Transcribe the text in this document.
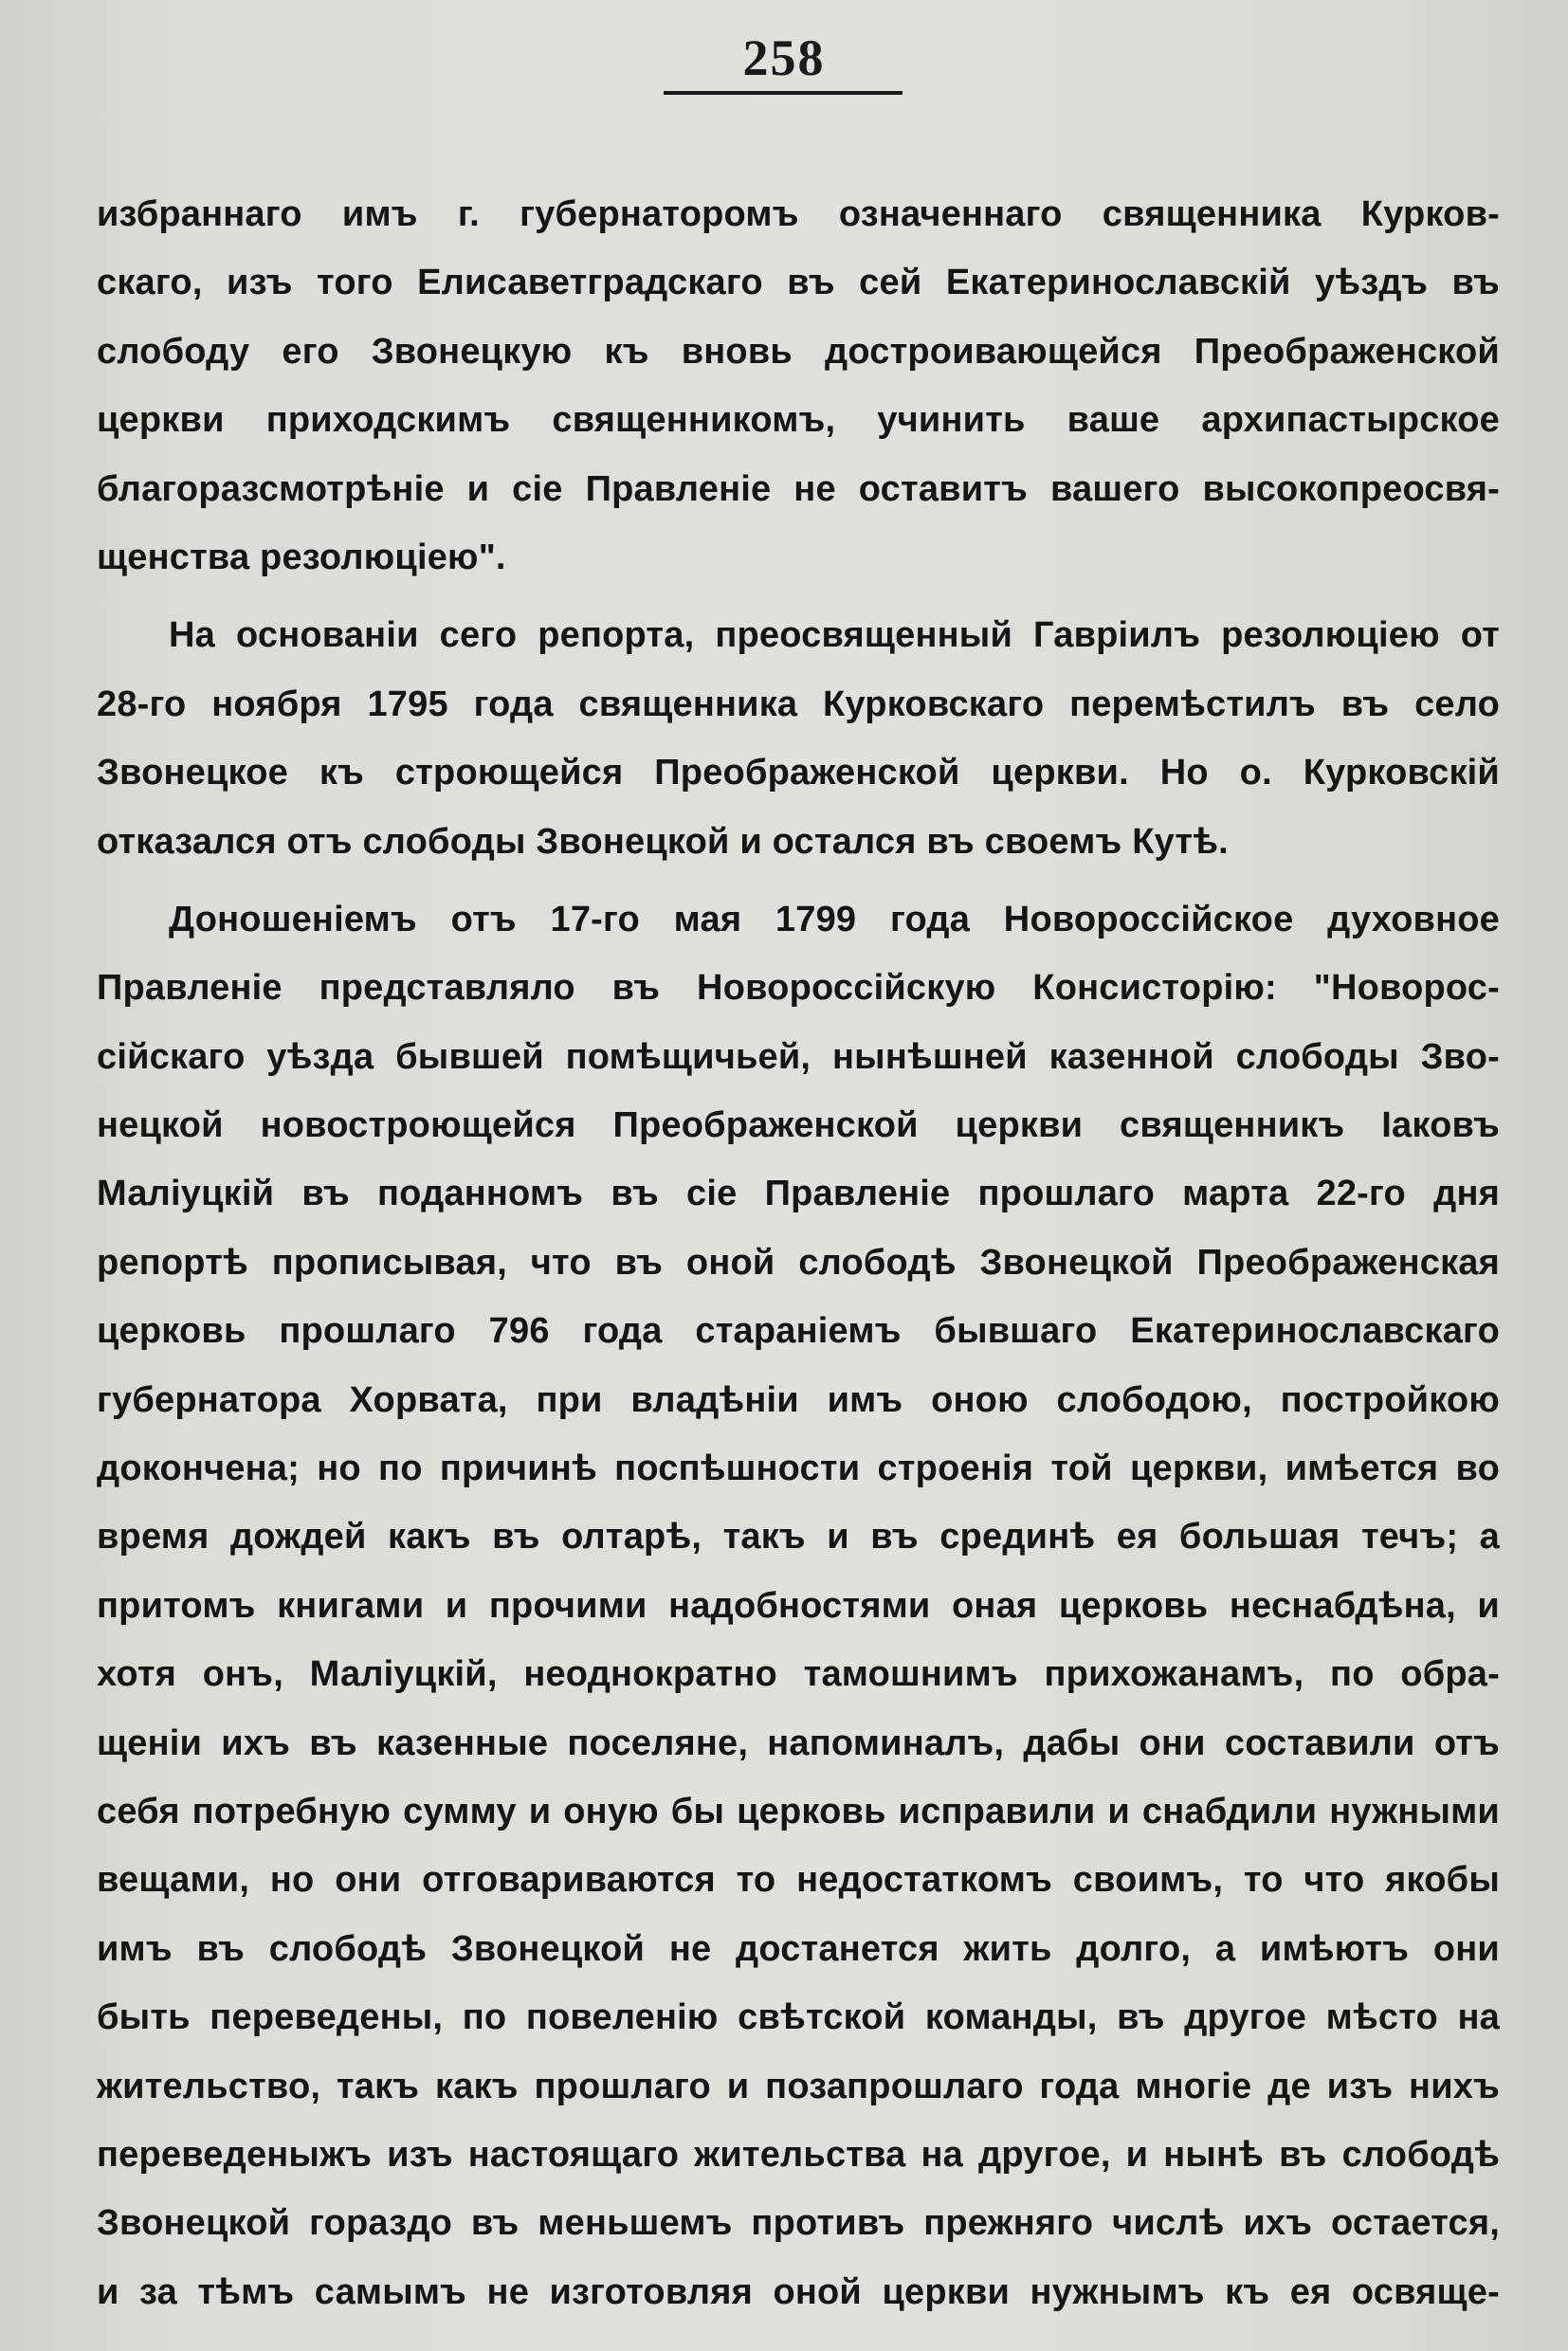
258
избраннаго имъ г. губернаторомъ означеннаго священника Курков-
скаго, изъ того Елисаветградскаго въ сей Екатеринославскій уѣздъ въ
слободу его Звонецкую къ вновь достроивающейся Преображенской
церкви приходскимъ священникомъ, учинить ваше архипастырское
благоразсмотрѣніе и сіе Правленіе не оставитъ вашего высокопреосвя-
щенства резолюціею".
На основаніи сего репорта, преосвященный Гавріилъ резолюціею от
28-го ноября 1795 года священника Курковскаго перемѣстилъ въ село
Звонецкое къ строющейся Преображенской церкви. Но о. Курковскій
отказался отъ слободы Звонецкой и остался въ своемъ Кутѣ.
Доношеніемъ отъ 17-го мая 1799 года Новороссійское духовное
Правленіе представляло въ Новороссійскую Консисторію: "Новорос-
сійскаго уѣзда бывшей помѣщичьей, нынѣшней казенной слободы Зво-
нецкой новостроющейся Преображенской церкви священникъ Іаковъ
Маліуцкій въ поданномъ въ сіе Правленіе прошлаго марта 22-го дня
репортѣ прописывая, что въ оной слободѣ Звонецкой Преображенская
церковь прошлаго 796 года стараніемъ бывшаго Екатеринославскаго
губернатора Хорвата, при владѣніи имъ оною слободою, постройкою
доконченa; но по причинѣ поспѣшности строенія той церкви, имѣется во
время дождей какъ въ олтарѣ, такъ и въ срединѣ ея большая течъ; а
притомъ книгами и прочими надобностями оная церковь неснабдѣна, и
хотя онъ, Маліуцкій, неоднократно тамошнимъ прихожанамъ, по обра-
щеніи ихъ въ казенные поселяне, напоминалъ, дабы они составили отъ
себя потребную сумму и оную бы церковь исправили и снабдили нужными
вещами, но они отговариваются то недостаткомъ своимъ, то что якобы
имъ въ слободѣ Звонецкой не достанется жить долго, а имѣютъ они
быть переведены, по повеленію свѣтской команды, въ другое мѣсто на
жительство, такъ какъ прошлаго и позапрошлаго года многіе де изъ нихъ
переведеныжъ изъ настоящаго жительства на другое, и нынѣ въ слободѣ
Звонецкой гораздо въ меньшемъ противъ прежняго числѣ ихъ остается,
и за тѣмъ самымъ не изготовляя оной церкви нужнымъ къ ея освяще-
